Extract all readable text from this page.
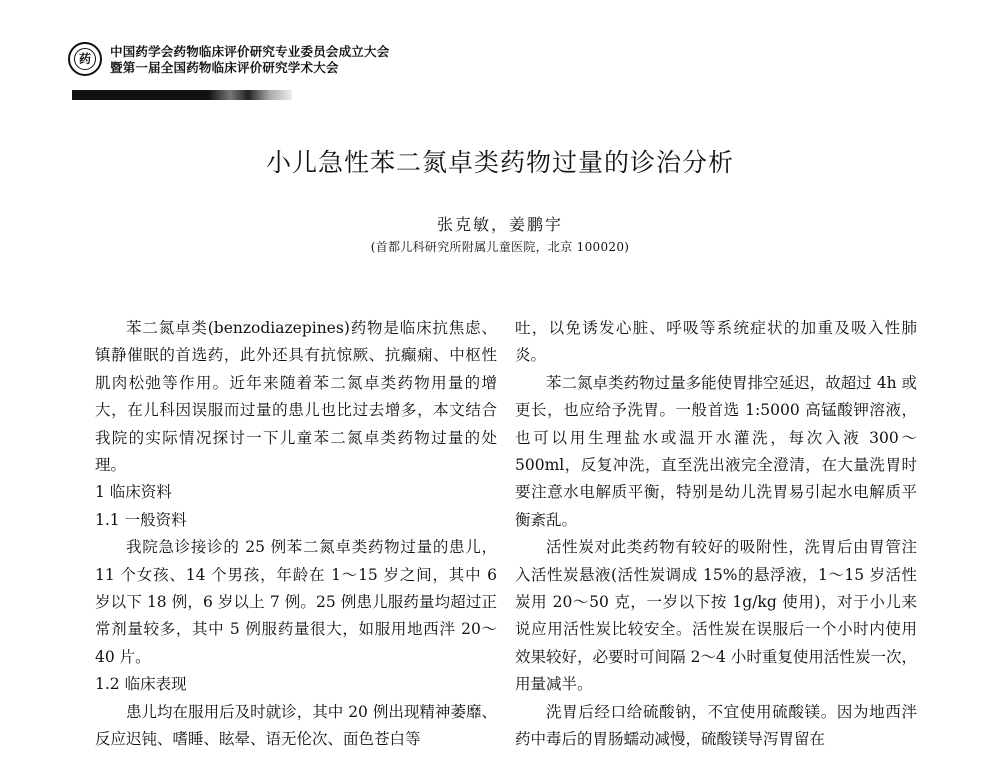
药	中国药学会药物临床评价研究专业委员会成立大会
暨第一届全国药物临床评价研究学术大会
小儿急性苯二氮卓类药物过量的诊治分析
张克敏，姜鹏宇
(首都儿科研究所附属儿童医院，北京 100020)

苯二氮卓类(benzodiazepines)药物是临床抗焦虑、镇静催眠的首选药，此外还具有抗惊厥、抗癫痫、中枢性肌肉松弛等作用。近年来随着苯二氮卓类药物用量的增大，在儿科因误服而过量的患儿也比过去增多，本文结合我院的实际情况探讨一下儿童苯二氮卓类药物过量的处理。

1 临床资料

1.1 一般资料

我院急诊接诊的 25 例苯二氮卓类药物过量的患儿，11 个女孩、14 个男孩，年龄在 1～15 岁之间，其中 6 岁以下 18 例，6 岁以上 7 例。25 例患儿服药量均超过正常剂量较多，其中 5 例服药量很大，如服用地西泮 20～40 片。

1.2 临床表现

患儿均在服用后及时就诊，其中 20 例出现精神萎靡、反应迟钝、嗜睡、眩晕、语无伦次、面色苍白等

吐，以免诱发心脏、呼吸等系统症状的加重及吸入性肺炎。

苯二氮卓类药物过量多能使胃排空延迟，故超过 4h 或更长，也应给予洗胃。一般首选 1:5000 高锰酸钾溶液，也可以用生理盐水或温开水灌洗，每次入液 300～500ml，反复冲洗，直至洗出液完全澄清，在大量洗胃时要注意水电解质平衡，特别是幼儿洗胃易引起水电解质平衡紊乱。

活性炭对此类药物有较好的吸附性，洗胃后由胃管注入活性炭悬液(活性炭调成 15%的悬浮液，1～15 岁活性炭用 20～50 克，一岁以下按 1g/kg 使用)，对于小儿来说应用活性炭比较安全。活性炭在误服后一个小时内使用效果较好，必要时可间隔 2～4 小时重复使用活性炭一次，用量减半。

洗胃后经口给硫酸钠，不宜使用硫酸镁。因为地西泮药中毒后的胃肠蠕动减慢，硫酸镁导泻胃留在
